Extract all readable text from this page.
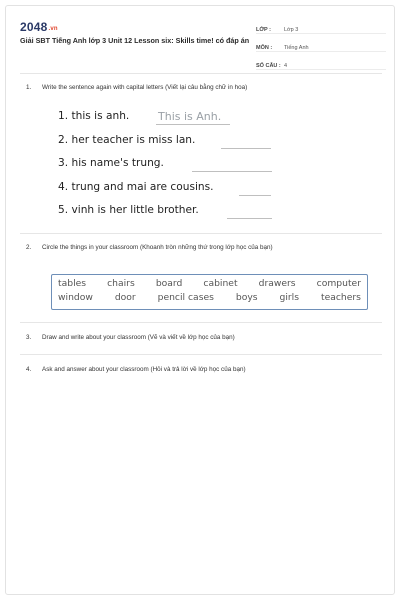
2048.vn
Giải SBT Tiếng Anh lớp 3 Unit 12 Lesson six: Skills time! có đáp án
LỚP :	Lớp 3
MÔN :	Tiếng Anh
SỐ CÂU : 4
1. Write the sentence again with capital letters (Viết lại câu bằng chữ in hoa)
1. this is anh.	This is Anh.
2. her teacher is miss lan.
3. his name's trung.
4. trung and mai are cousins.
5. vinh is her little brother.
2. Circle the things in your classroom (Khoanh tròn những thứ trong lớp học của bạn)
tables chairs board cabinet drawers computer
window door pencil cases boys girls teachers
3. Draw and write about your classroom (Vẽ và viết về lớp học của bạn)
4. Ask and answer about your classroom (Hỏi và trả lời về lớp học của bạn)
